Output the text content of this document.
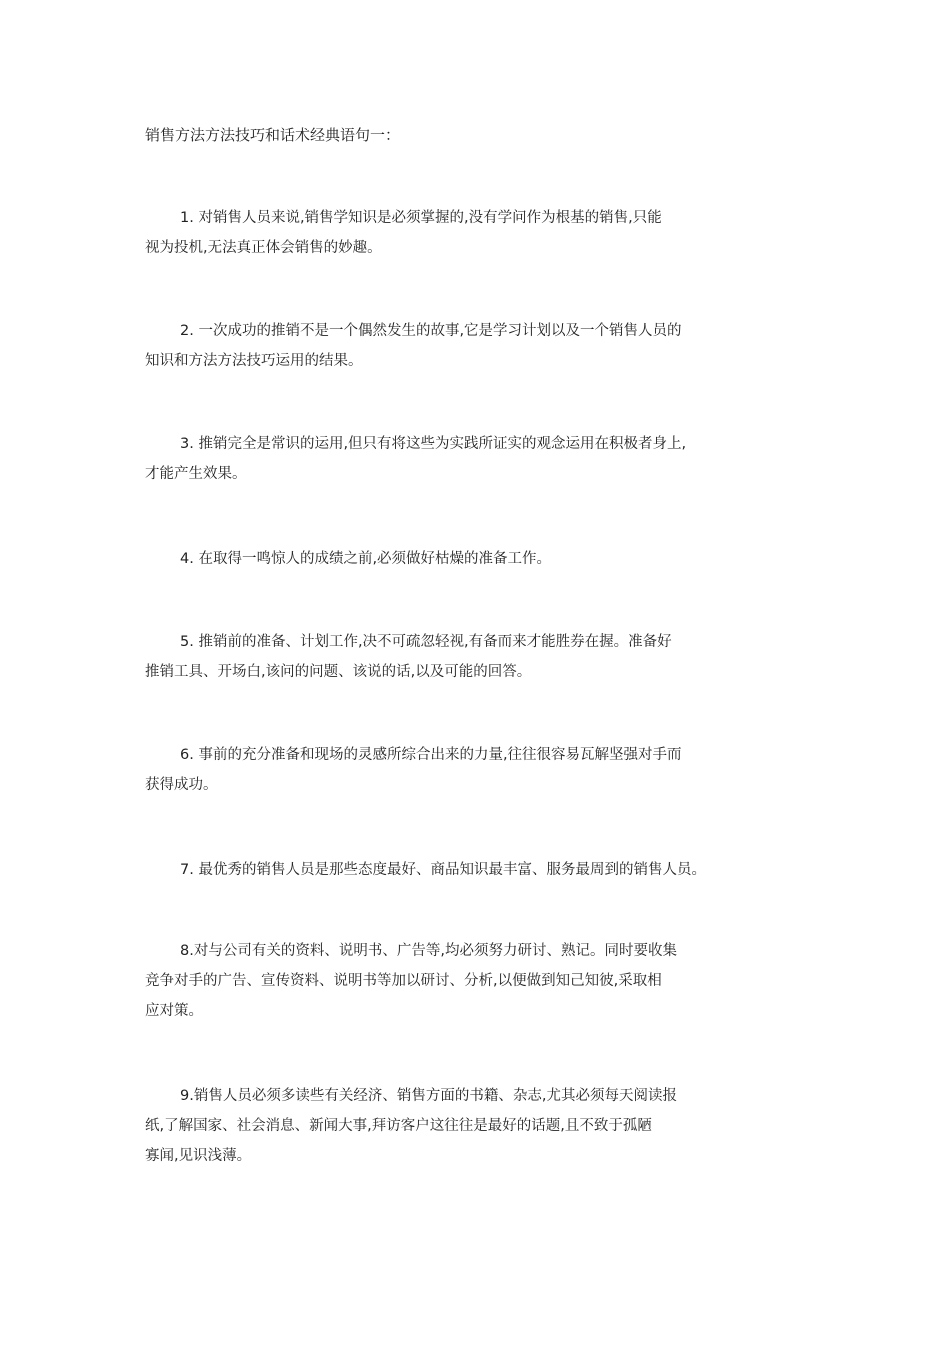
销售方法方法技巧和话术经典语句一：
1. 对销售人员来说,销售学知识是必须掌握的,没有学问作为根基的销售,只能
视为投机,无法真正体会销售的妙趣。
2. 一次成功的推销不是一个偶然发生的故事,它是学习计划以及一个销售人员的
知识和方法方法技巧运用的结果。
3. 推销完全是常识的运用,但只有将这些为实践所证实的观念运用在积极者身上,
才能产生效果。
4. 在取得一鸣惊人的成绩之前,必须做好枯燥的准备工作。
5. 推销前的准备、计划工作,决不可疏忽轻视,有备而来才能胜券在握。准备好
推销工具、开场白,该问的问题、该说的话,以及可能的回答。
6. 事前的充分准备和现场的灵感所综合出来的力量,往往很容易瓦解坚强对手而
获得成功。
7. 最优秀的销售人员是那些态度最好、商品知识最丰富、服务最周到的销售人员。
8.对与公司有关的资料、说明书、广告等,均必须努力研讨、熟记。同时要收集
竞争对手的广告、宣传资料、说明书等加以研讨、分析,以便做到知己知彼,采取相
应对策。
9.销售人员必须多读些有关经济、销售方面的书籍、杂志,尤其必须每天阅读报
纸,了解国家、社会消息、新闻大事,拜访客户这往往是最好的话题,且不致于孤陋
寡闻,见识浅薄。
